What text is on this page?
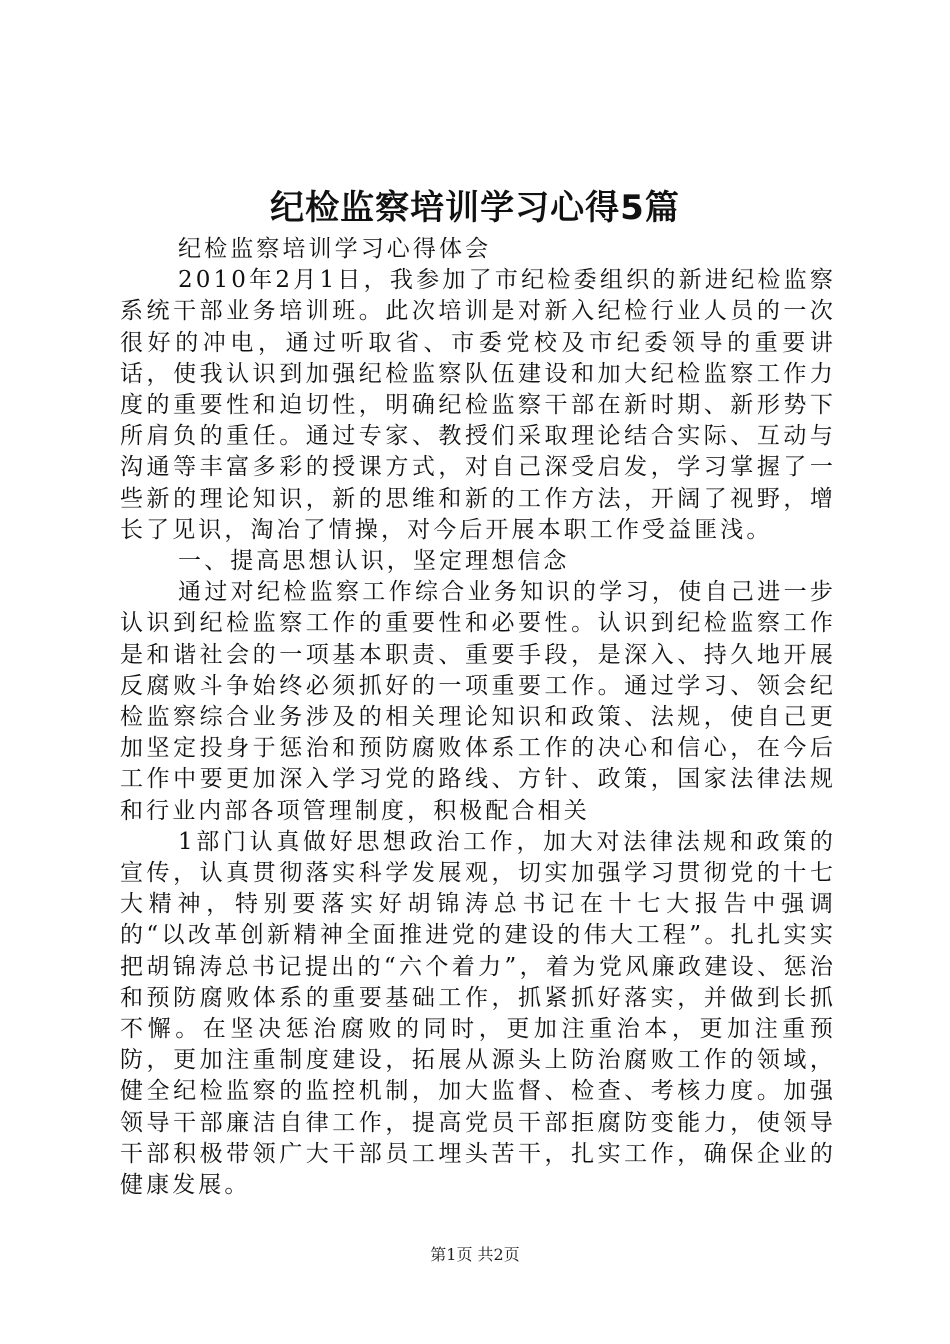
纪检监察培训学习心得5篇

纪检监察培训学习心得体会

2010年2月1日，我参加了市纪检委组织的新进纪检监察系统干部业务培训班。此次培训是对新入纪检行业人员的一次很好的冲电，通过听取省、市委党校及市纪委领导的重要讲话，使我认识到加强纪检监察队伍建设和加大纪检监察工作力度的重要性和迫切性，明确纪检监察干部在新时期、新形势下所肩负的重任。通过专家、教授们采取理论结合实际、互动与沟通等丰富多彩的授课方式，对自己深受启发，学习掌握了一些新的理论知识，新的思维和新的工作方法，开阔了视野，增长了见识，淘冶了情操，对今后开展本职工作受益匪浅。

一、提高思想认识，坚定理想信念

通过对纪检监察工作综合业务知识的学习，使自己进一步认识到纪检监察工作的重要性和必要性。认识到纪检监察工作是和谐社会的一项基本职责、重要手段，是深入、持久地开展反腐败斗争始终必须抓好的一项重要工作。通过学习、领会纪检监察综合业务涉及的相关理论知识和政策、法规，使自己更加坚定投身于惩治和预防腐败体系工作的决心和信心，在今后工作中要更加深入学习党的路线、方针、政策，国家法律法规和行业内部各项管理制度，积极配合相关

1部门认真做好思想政治工作，加大对法律法规和政策的宣传，认真贯彻落实科学发展观，切实加强学习贯彻党的十七大精神，特别要落实好胡锦涛总书记在十七大报告中强调的“以改革创新精神全面推进党的建设的伟大工程”。扎扎实实把胡锦涛总书记提出的“六个着力”，着为党风廉政建设、惩治和预防腐败体系的重要基础工作，抓紧抓好落实，并做到长抓不懈。在坚决惩治腐败的同时，更加注重治本，更加注重预防，更加注重制度建设，拓展从源头上防治腐败工作的领域，健全纪检监察的监控机制，加大监督、检查、考核力度。加强领导干部廉洁自律工作，提高党员干部拒腐防变能力，使领导干部积极带领广大干部员工埋头苦干，扎实工作，确保企业的健康发展。

第1页 共2页
